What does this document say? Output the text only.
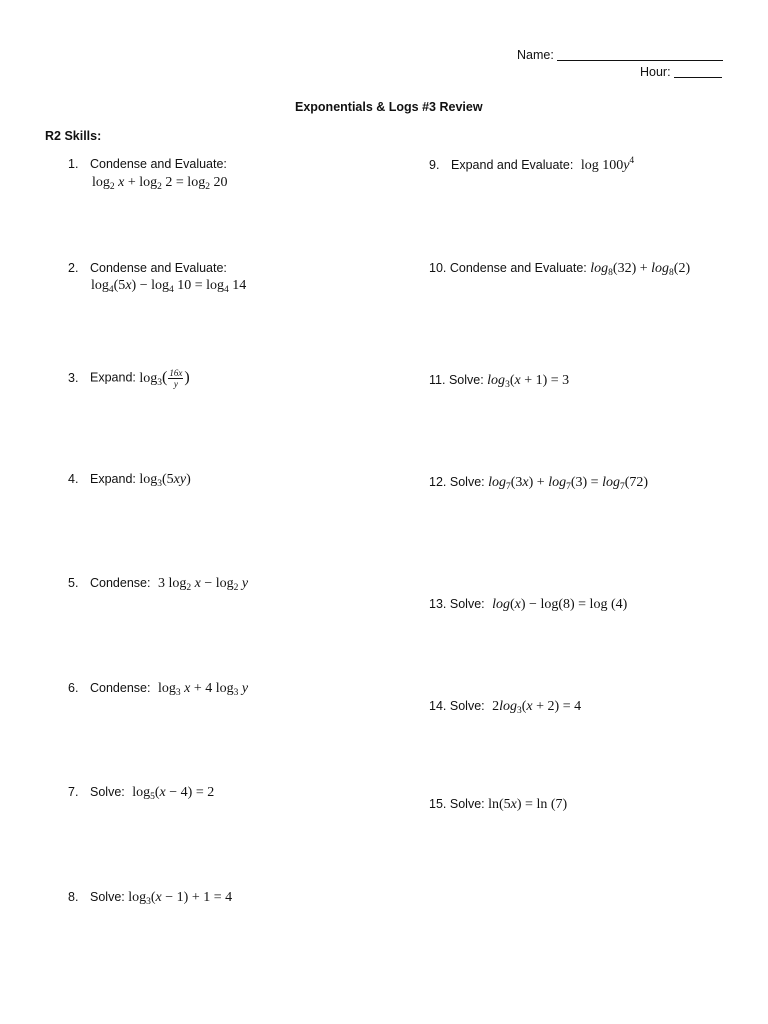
Name:
Hour:
Exponentials & Logs #3 Review
R2 Skills:
1. Condense and Evaluate:
$\log_2 x + \log_2 2 = \log_2 20$
2. Condense and Evaluate:
$\log_4(5x) - \log_4 10 = \log_4 14$
3. Expand: $\log_3( \frac{16x}{y}$ )
4. Expand: $\log_3(5xy)$
5. Condense: 3 $\log_2 x - \log_2 y$
6. Condense: $\log_3 x + 4$ $\log_3 y$
7. Solve: $\log_5(x - 4) = 2$
8. Solve: $\log_3(x - 1) + 1 = 4$
9. Expand and Evaluate: $\log 100y^4$
10. Condense and Evaluate: $\log_8(32) + \log_8(2)$
11. Solve: $\log_3(x + 1) = 3$
12. Solve: $\log_7(3x) + \log_7(3) = \log_7(72)$
13. Solve: log(x) − log(8) = log (4)
14. Solve: $2\log_3(x + 2) = 4$
15. Solve: ln(5x) = ln (7)
